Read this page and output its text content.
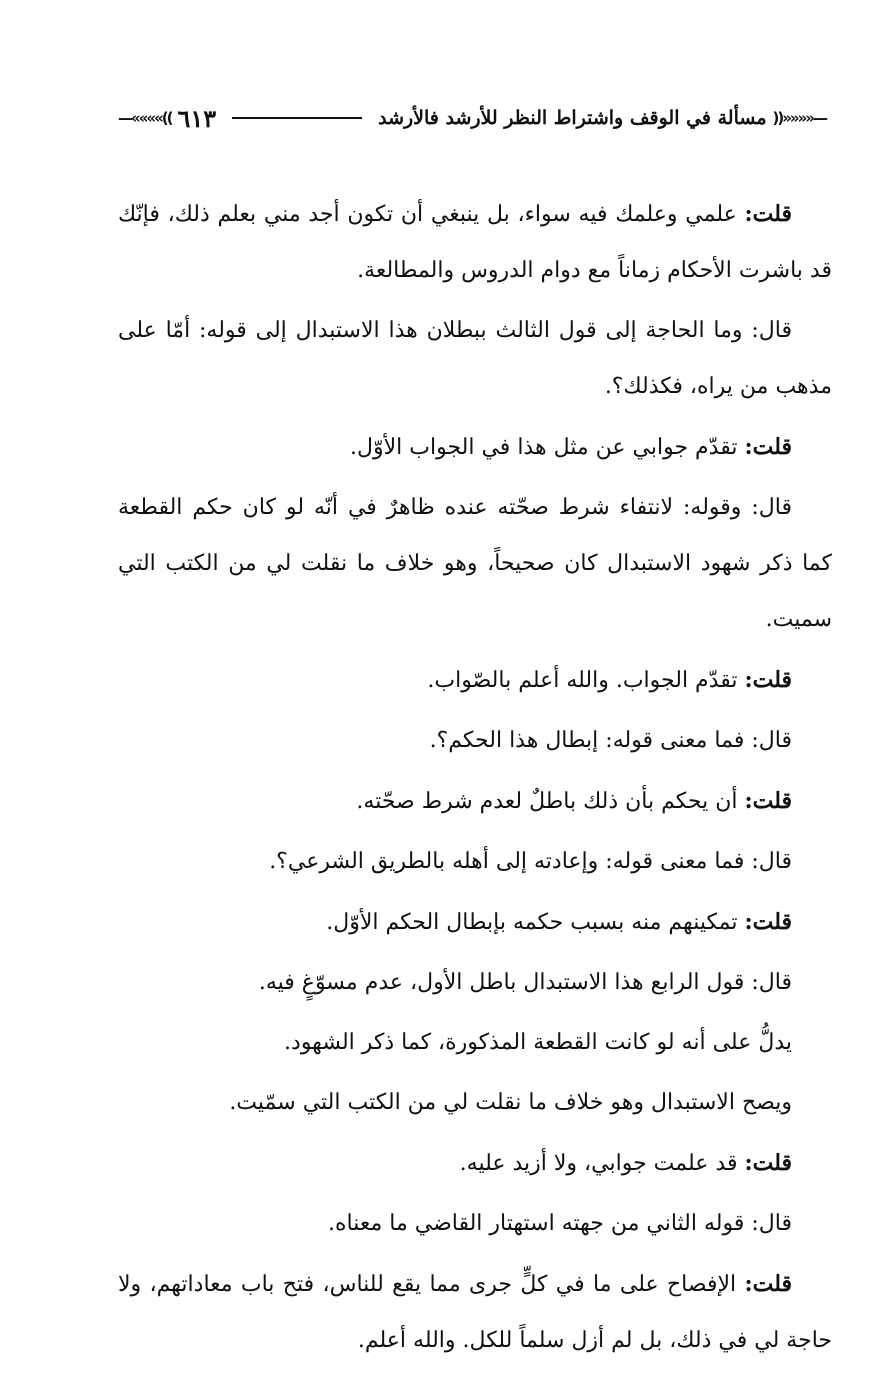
—««««((
مسألة في الوقف واشتراط النظر للأرشد فالأرشد
٦١٣
))»»»»—

قلت: علمي وعلمك فيه سواء، بل ينبغي أن تكون أجد مني بعلم ذلك، فإنّك قد باشرت الأحكام زماناً مع دوام الدروس والمطالعة.

قال: وما الحاجة إلى قول الثالث ببطلان هذا الاستبدال إلى قوله: أمّا على مذهب من يراه، فكذلك؟.

قلت: تقدّم جوابي عن مثل هذا في الجواب الأوّل.

قال: وقوله: لانتفاء شرط صحّته عنده ظاهرٌ في أنّه لو كان حكم القطعة كما ذكر شهود الاستبدال كان صحيحاً، وهو خلاف ما نقلت لي من الكتب التي سميت.

قلت: تقدّم الجواب. والله أعلم بالصّواب.

قال: فما معنى قوله: إبطال هذا الحكم؟.

قلت: أن يحكم بأن ذلك باطلٌ لعدم شرط صحّته.

قال: فما معنى قوله: وإعادته إلى أهله بالطريق الشرعي؟.

قلت: تمكينهم منه بسبب حكمه بإبطال الحكم الأوّل.

قال: قول الرابع هذا الاستبدال باطل الأول، عدم مسوّغٍ فيه.

يدلُّ على أنه لو كانت القطعة المذكورة، كما ذكر الشهود.

ويصح الاستبدال وهو خلاف ما نقلت لي من الكتب التي سمّيت.

قلت: قد علمت جوابي، ولا أزيد عليه.

قال: قوله الثاني من جهته استهتار القاضي ما معناه.

قلت: الإفصاح على ما في كلٍّ جرى مما يقع للناس، فتح باب معاداتهم، ولا حاجة لي في ذلك، بل لم أزل سلماً للكل. والله أعلم.
